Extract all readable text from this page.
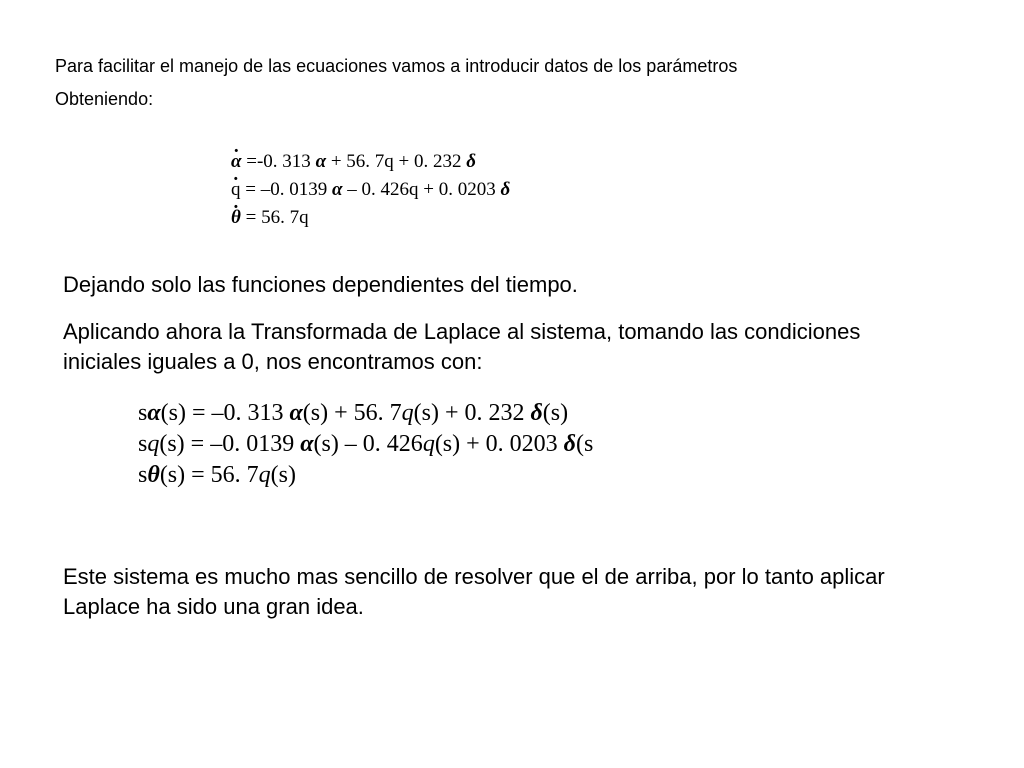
Para facilitar el manejo de las ecuaciones vamos a introducir datos de los parámetros
Obteniendo:
· α =-0. 313 α + 56. 7q + 0. 232 δ
· q = –0. 0139 α – 0. 426q + 0. 0203 δ
· θ = 56. 7q
Dejando solo las funciones dependientes del tiempo.
Aplicando ahora la Transformada de Laplace al sistema, tomando las condiciones iniciales iguales a 0, nos encontramos con:
sα(s) = –0. 313 α(s) + 56. 7q(s) + 0. 232 δ(s)
sq(s) = –0. 0139 α(s) – 0. 426q(s) + 0. 0203 δ(s
sθ(s) = 56. 7q(s)
Este sistema es mucho mas sencillo de resolver que el de arriba, por lo tanto aplicar Laplace ha sido una gran idea.
